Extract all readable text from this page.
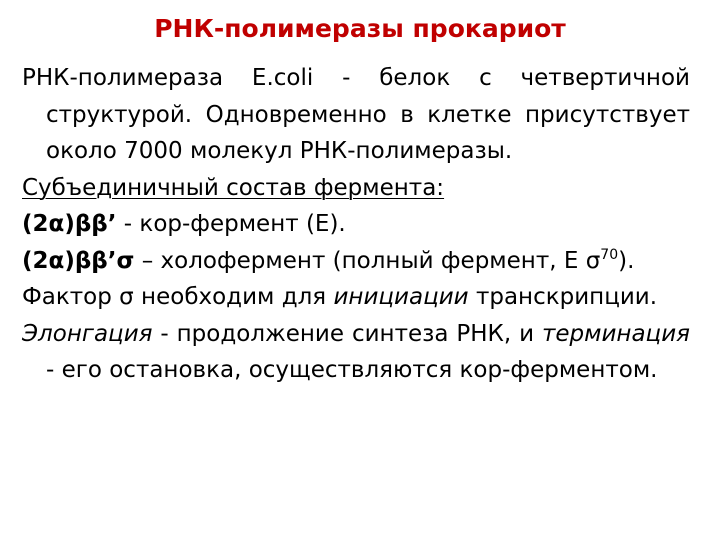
РНК-полимеразы прокариот

РНК-полимераза E.coli - белок с четвертичной структурой. Одновременно в клетке присутствует около 7000 молекул РНК-полимеразы.

Субъединичный состав фермента:

(2α)ββ’ - кор-фермент (Е).

(2α)ββ’σ – холофермент (полный фермент, Е $\sigma^{70}$).

Фактор σ необходим для инициации транскрипции.

Элонгация - продолжение синтеза РНК, и терминация - его остановка, осуществляются кор-ферментом.
